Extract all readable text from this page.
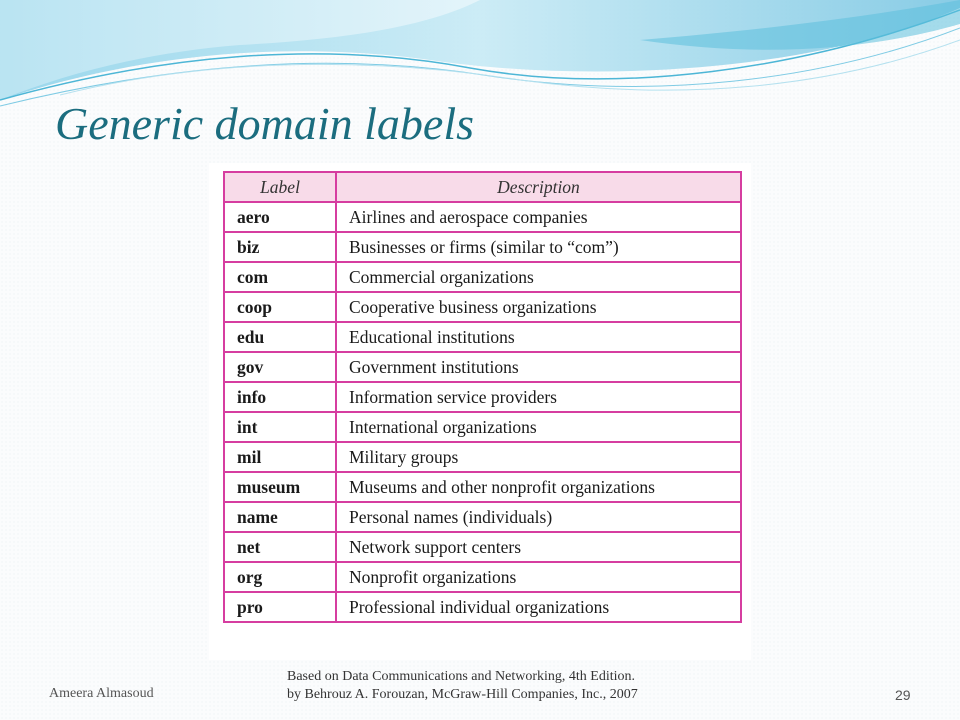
Generic domain labels
Label	Description
aero	Airlines and aerospace companies
biz	Businesses or firms (similar to “com”)
com	Commercial organizations
coop	Cooperative business organizations
edu	Educational institutions
gov	Government institutions
info	Information service providers
int	International organizations
mil	Military groups
museum	Museums and other nonprofit organizations
name	Personal names (individuals)
net	Network support centers
org	Nonprofit organizations
pro	Professional individual organizations
Ameera Almasoud
Based on Data Communications and Networking, 4th Edition.
by Behrouz A. Forouzan, McGraw-Hill Companies, Inc., 2007	29
